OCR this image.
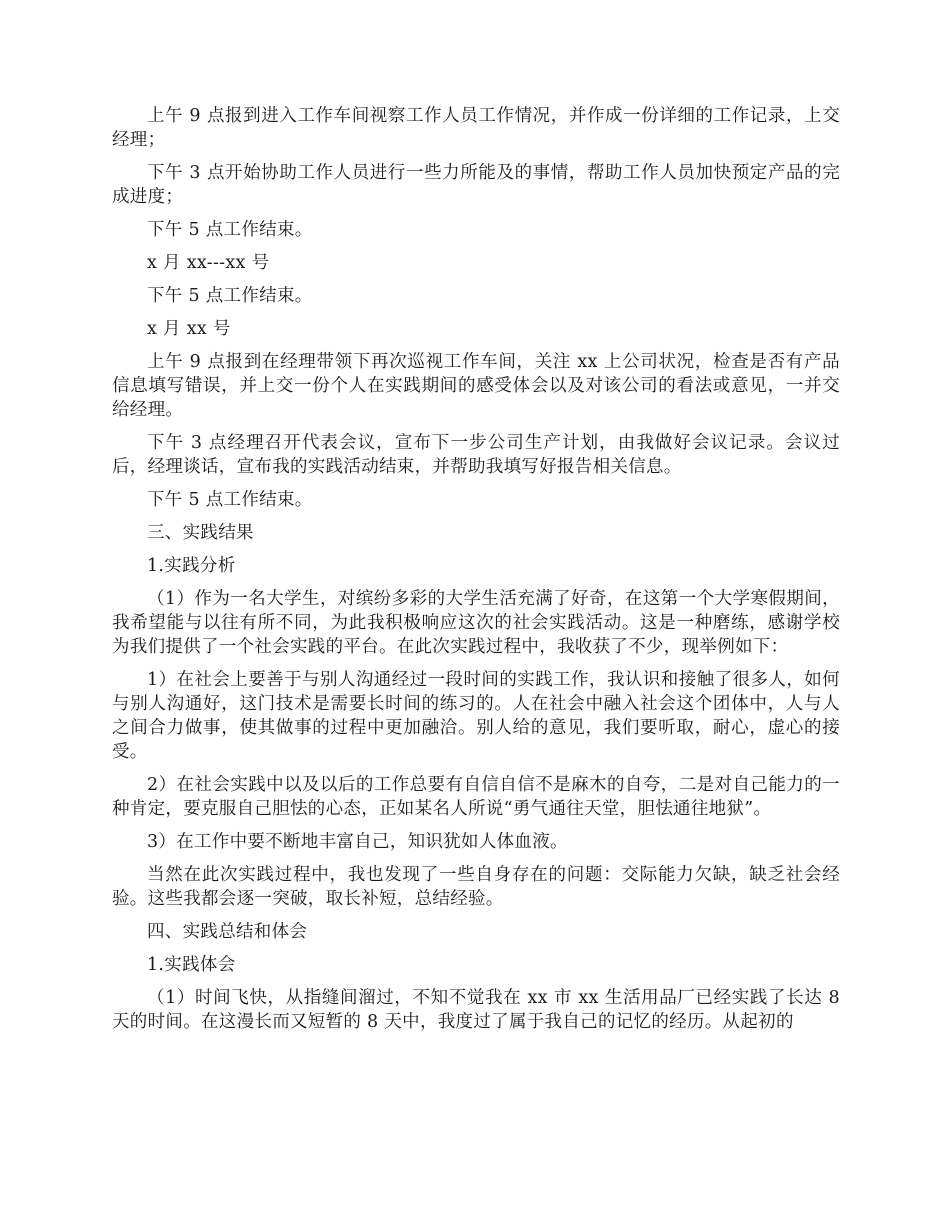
上午 9 点报到进入工作车间视察工作人员工作情况，并作成一份详细的工作记录，上交经理；

下午 3 点开始协助工作人员进行一些力所能及的事情，帮助工作人员加快预定产品的完成进度；

下午 5 点工作结束。

x 月 xx---xx 号

下午 5 点工作结束。

x 月 xx 号

上午 9 点报到在经理带领下再次巡视工作车间，关注 xx 上公司状况，检查是否有产品信息填写错误，并上交一份个人在实践期间的感受体会以及对该公司的看法或意见，一并交给经理。

下午 3 点经理召开代表会议，宣布下一步公司生产计划，由我做好会议记录。会议过后，经理谈话，宣布我的实践活动结束，并帮助我填写好报告相关信息。

下午 5 点工作结束。

三、实践结果

1.实践分析

（1）作为一名大学生，对缤纷多彩的大学生活充满了好奇，在这第一个大学寒假期间，我希望能与以往有所不同，为此我积极响应这次的社会实践活动。这是一种磨练，感谢学校为我们提供了一个社会实践的平台。在此次实践过程中，我收获了不少，现举例如下：

1）在社会上要善于与别人沟通经过一段时间的实践工作，我认识和接触了很多人，如何与别人沟通好，这门技术是需要长时间的练习的。人在社会中融入社会这个团体中，人与人之间合力做事，使其做事的过程中更加融洽。别人给的意见，我们要听取，耐心，虚心的接受。

2）在社会实践中以及以后的工作总要有自信自信不是麻木的自夸，二是对自己能力的一种肯定，要克服自己胆怯的心态，正如某名人所说“勇气通往天堂，胆怯通往地狱”。

3）在工作中要不断地丰富自己，知识犹如人体血液。

当然在此次实践过程中，我也发现了一些自身存在的问题：交际能力欠缺，缺乏社会经验。这些我都会逐一突破，取长补短，总结经验。

四、实践总结和体会

1.实践体会

（1）时间飞快，从指缝间溜过，不知不觉我在 xx 市 xx 生活用品厂已经实践了长达 8 天的时间。在这漫长而又短暂的 8 天中，我度过了属于我自己的记忆的经历。从起初的
